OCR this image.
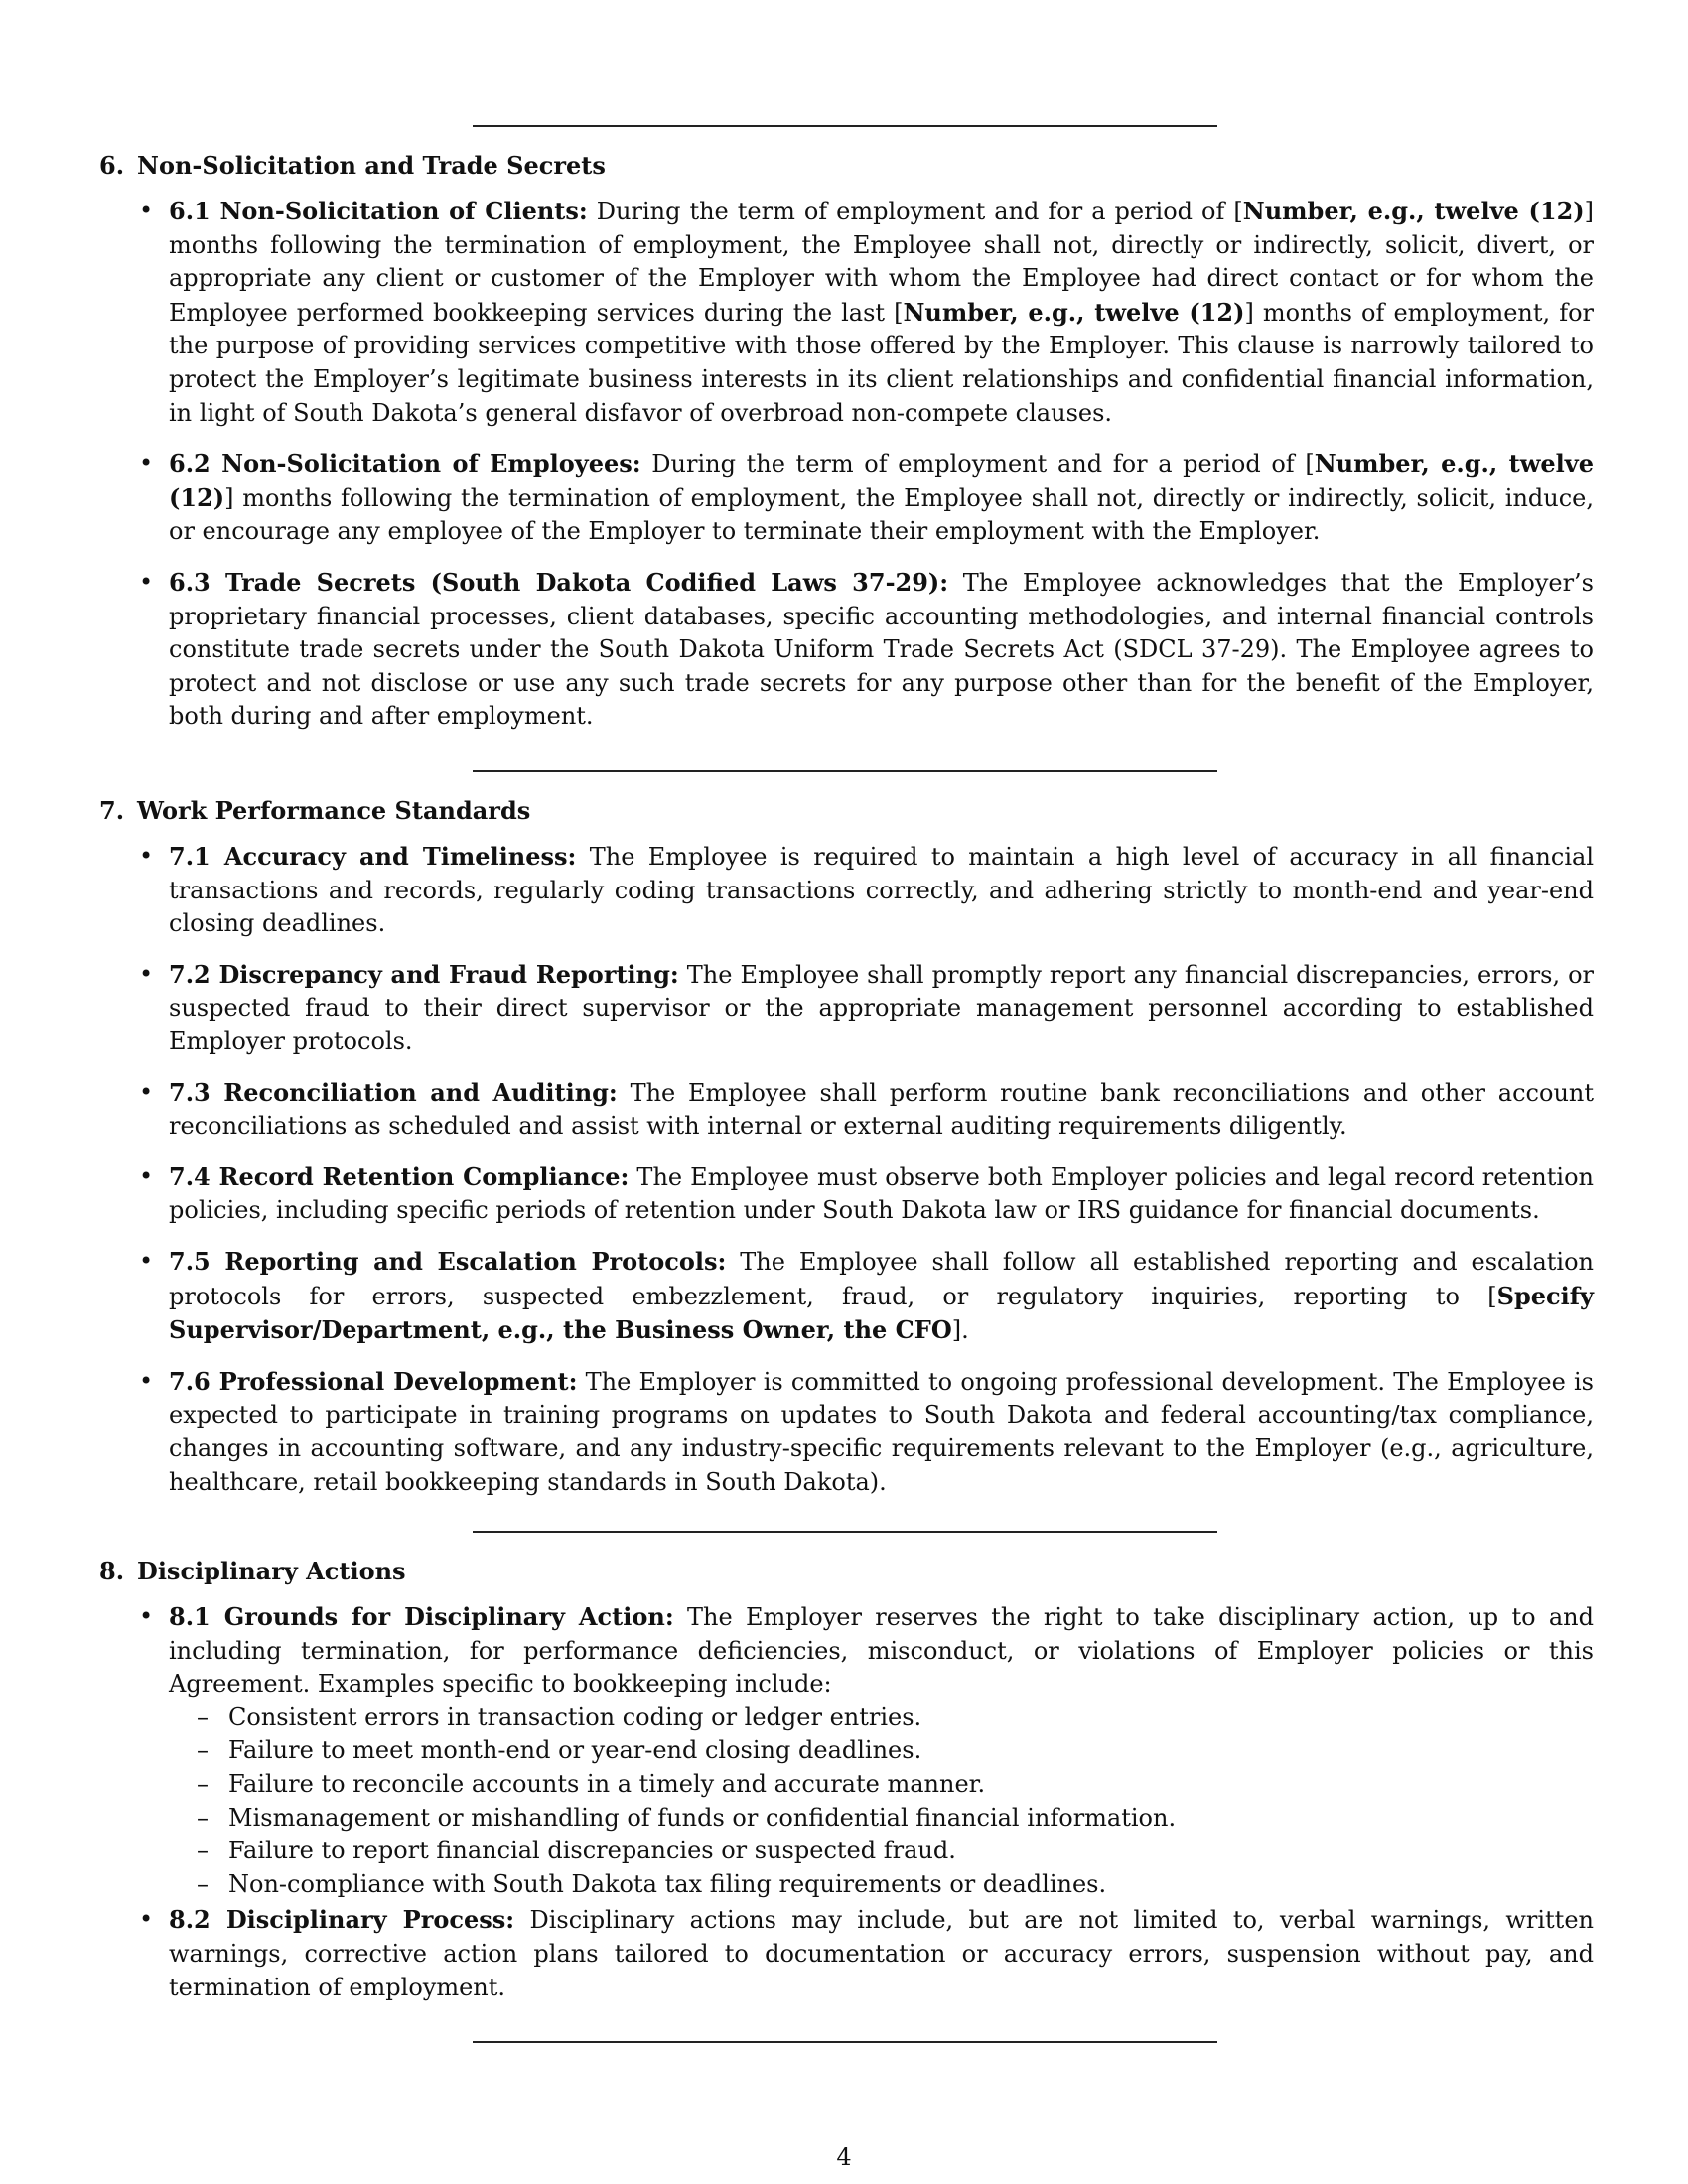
6. Non-Solicitation and Trade Secrets
• 6.1 Non-Solicitation of Clients: During the term of employment and for a period of [Number, e.g., twelve (12)] months following the termination of employment, the Employee shall not, directly or indirectly, solicit, divert, or appropriate any client or customer of the Employer with whom the Employee had direct contact or for whom the Employee performed bookkeeping services during the last [Number, e.g., twelve (12)] months of employment, for the purpose of providing services competitive with those offered by the Employer. This clause is narrowly tailored to protect the Employer’s legitimate business interests in its client relationships and confidential financial information, in light of South Dakota’s general disfavor of overbroad non-compete clauses.
• 6.2 Non-Solicitation of Employees: During the term of employment and for a period of [Number, e.g., twelve (12)] months following the termination of employment, the Employee shall not, directly or indirectly, solicit, induce, or encourage any employee of the Employer to terminate their employment with the Employer.
• 6.3 Trade Secrets (South Dakota Codified Laws 37-29): The Employee acknowledges that the Employer’s proprietary financial processes, client databases, specific accounting methodologies, and internal financial controls constitute trade secrets under the South Dakota Uniform Trade Secrets Act (SDCL 37-29). The Employee agrees to protect and not disclose or use any such trade secrets for any purpose other than for the benefit of the Employer, both during and after employment.
7. Work Performance Standards
• 7.1 Accuracy and Timeliness: The Employee is required to maintain a high level of accuracy in all financial transactions and records, regularly coding transactions correctly, and adhering strictly to month-end and year-end closing deadlines.
• 7.2 Discrepancy and Fraud Reporting: The Employee shall promptly report any financial discrepancies, errors, or suspected fraud to their direct supervisor or the appropriate management personnel according to established Employer protocols.
• 7.3 Reconciliation and Auditing: The Employee shall perform routine bank reconciliations and other account reconciliations as scheduled and assist with internal or external auditing requirements diligently.
• 7.4 Record Retention Compliance: The Employee must observe both Employer policies and legal record retention policies, including specific periods of retention under South Dakota law or IRS guidance for financial documents.
• 7.5 Reporting and Escalation Protocols: The Employee shall follow all established reporting and escalation protocols for errors, suspected embezzlement, fraud, or regulatory inquiries, reporting to [Specify Supervisor/Department, e.g., the Business Owner, the CFO].
• 7.6 Professional Development: The Employer is committed to ongoing professional development. The Employee is expected to participate in training programs on updates to South Dakota and federal accounting/tax compliance, changes in accounting software, and any industry-specific requirements relevant to the Employer (e.g., agriculture, healthcare, retail bookkeeping standards in South Dakota).
8. Disciplinary Actions
• 8.1 Grounds for Disciplinary Action: The Employer reserves the right to take disciplinary action, up to and including termination, for performance deficiencies, misconduct, or violations of Employer policies or this Agreement. Examples specific to bookkeeping include:
– Consistent errors in transaction coding or ledger entries.
– Failure to meet month-end or year-end closing deadlines.
– Failure to reconcile accounts in a timely and accurate manner.
– Mismanagement or mishandling of funds or confidential financial information.
– Failure to report financial discrepancies or suspected fraud.
– Non-compliance with South Dakota tax filing requirements or deadlines.
• 8.2 Disciplinary Process: Disciplinary actions may include, but are not limited to, verbal warnings, written warnings, corrective action plans tailored to documentation or accuracy errors, suspension without pay, and termination of employment.
4
